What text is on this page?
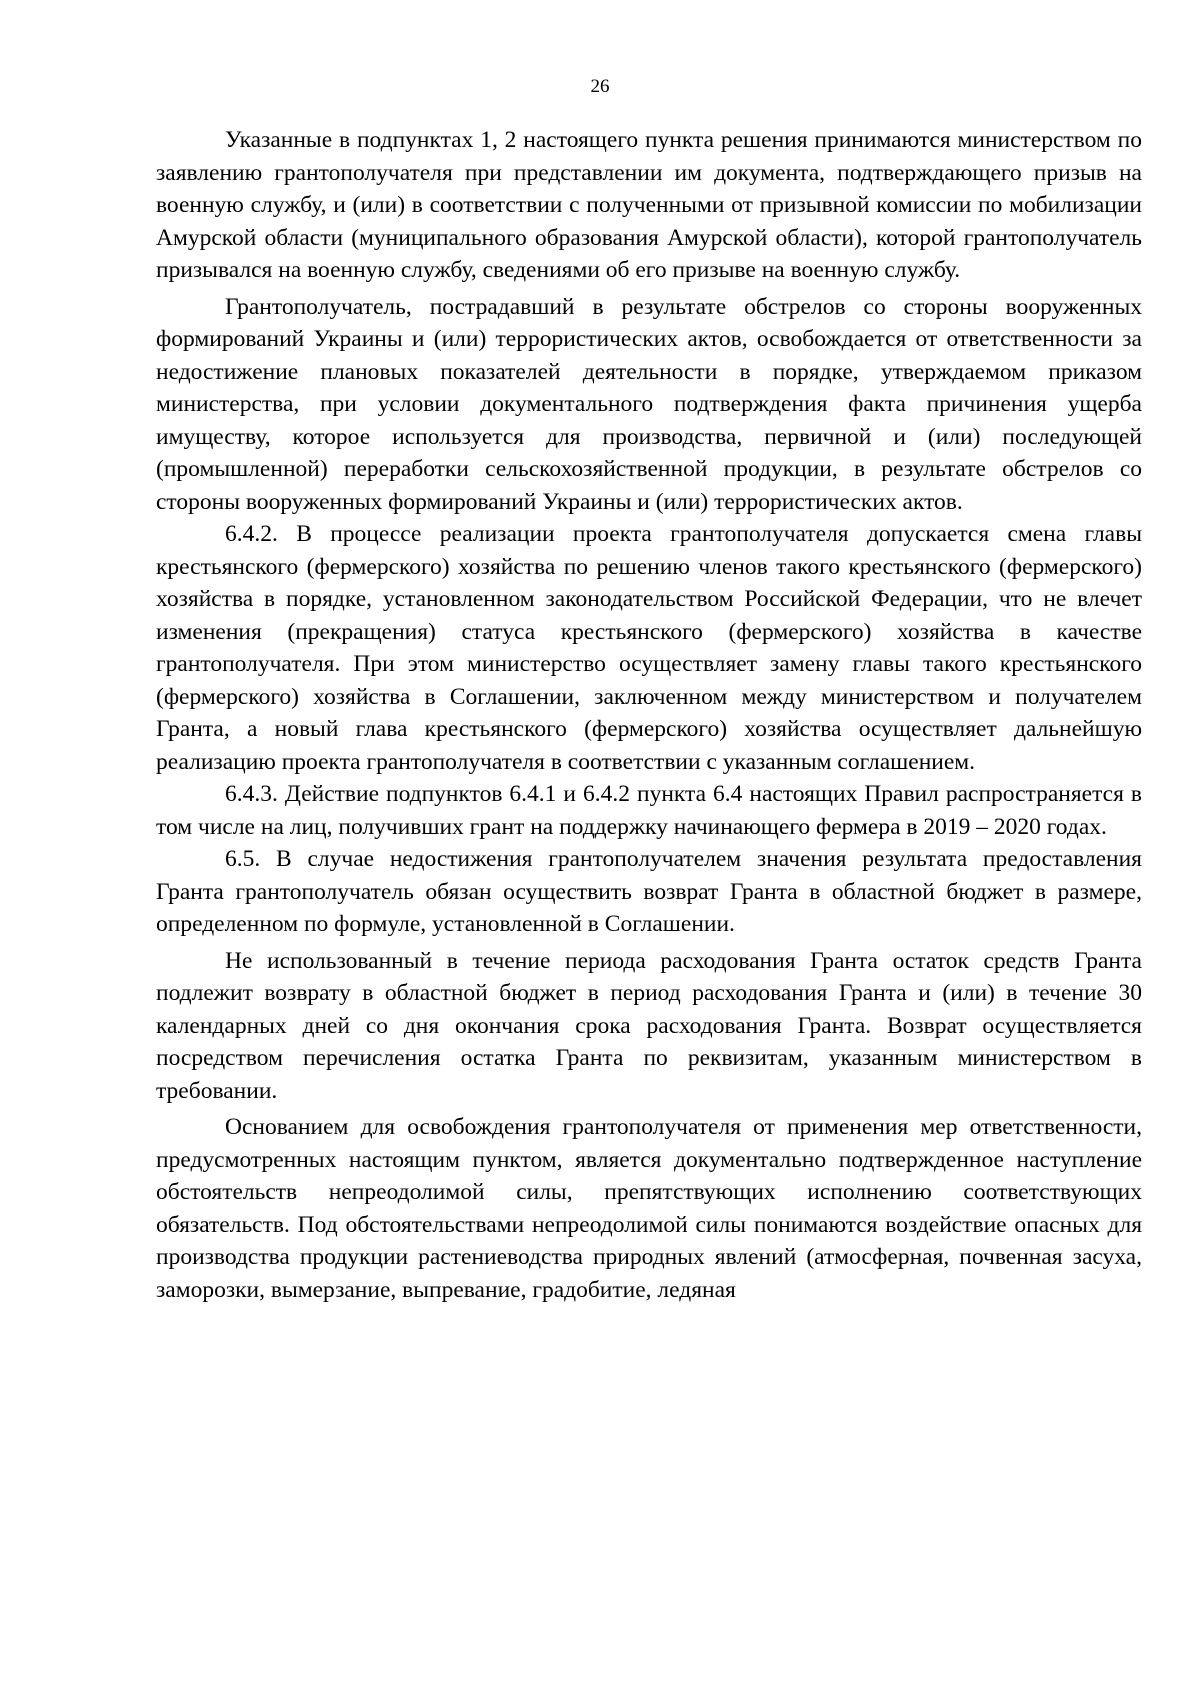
26

Указанные в подпунктах 1, 2 настоящего пункта решения принимаются министерством по заявлению грантополучателя при представлении им документа, подтверждающего призыв на военную службу, и (или) в соответствии с полученными от призывной комиссии по мобилизации Амурской области (муниципального образования Амурской области), которой грантополучатель призывался на военную службу, сведениями об его призыве на военную службу.

Грантополучатель, пострадавший в результате обстрелов со стороны вооруженных формирований Украины и (или) террористических актов, освобождается от ответственности за недостижение плановых показателей деятельности в порядке, утверждаемом приказом министерства, при условии документального подтверждения факта причинения ущерба имуществу, которое используется для производства, первичной и (или) последующей (промышленной) переработки сельскохозяйственной продукции, в результате обстрелов со стороны вооруженных формирований Украины и (или) террористических актов.

6.4.2. В процессе реализации проекта грантополучателя допускается смена главы крестьянского (фермерского) хозяйства по решению членов такого крестьянского (фермерского) хозяйства в порядке, установленном законодательством Российской Федерации, что не влечет изменения (прекращения) статуса крестьянского (фермерского) хозяйства в качестве грантополучателя. При этом министерство осуществляет замену главы такого крестьянского (фермерского) хозяйства в Соглашении, заключенном между министерством и получателем Гранта, а новый глава крестьянского (фермерского) хозяйства осуществляет дальнейшую реализацию проекта грантополучателя в соответствии с указанным соглашением.

6.4.3. Действие подпунктов 6.4.1 и 6.4.2 пункта 6.4 настоящих Правил распространяется в том числе на лиц, получивших грант на поддержку начинающего фермера в 2019 – 2020 годах.

6.5. В случае недостижения грантополучателем значения результата предоставления Гранта грантополучатель обязан осуществить возврат Гранта в областной бюджет в размере, определенном по формуле, установленной в Соглашении.

Не использованный в течение периода расходования Гранта остаток средств Гранта подлежит возврату в областной бюджет в период расходования Гранта и (или) в течение 30 календарных дней со дня окончания срока расходования Гранта. Возврат осуществляется посредством перечисления остатка Гранта по реквизитам, указанным министерством в требовании.

Основанием для освобождения грантополучателя от применения мер ответственности, предусмотренных настоящим пунктом, является документально подтвержденное наступление обстоятельств непреодолимой силы, препятствующих исполнению соответствующих обязательств. Под обстоятельствами непреодолимой силы понимаются воздействие опасных для производства продукции растениеводства природных явлений (атмосферная, почвенная засуха, заморозки, вымерзание, выпревание, градобитие, ледяная
